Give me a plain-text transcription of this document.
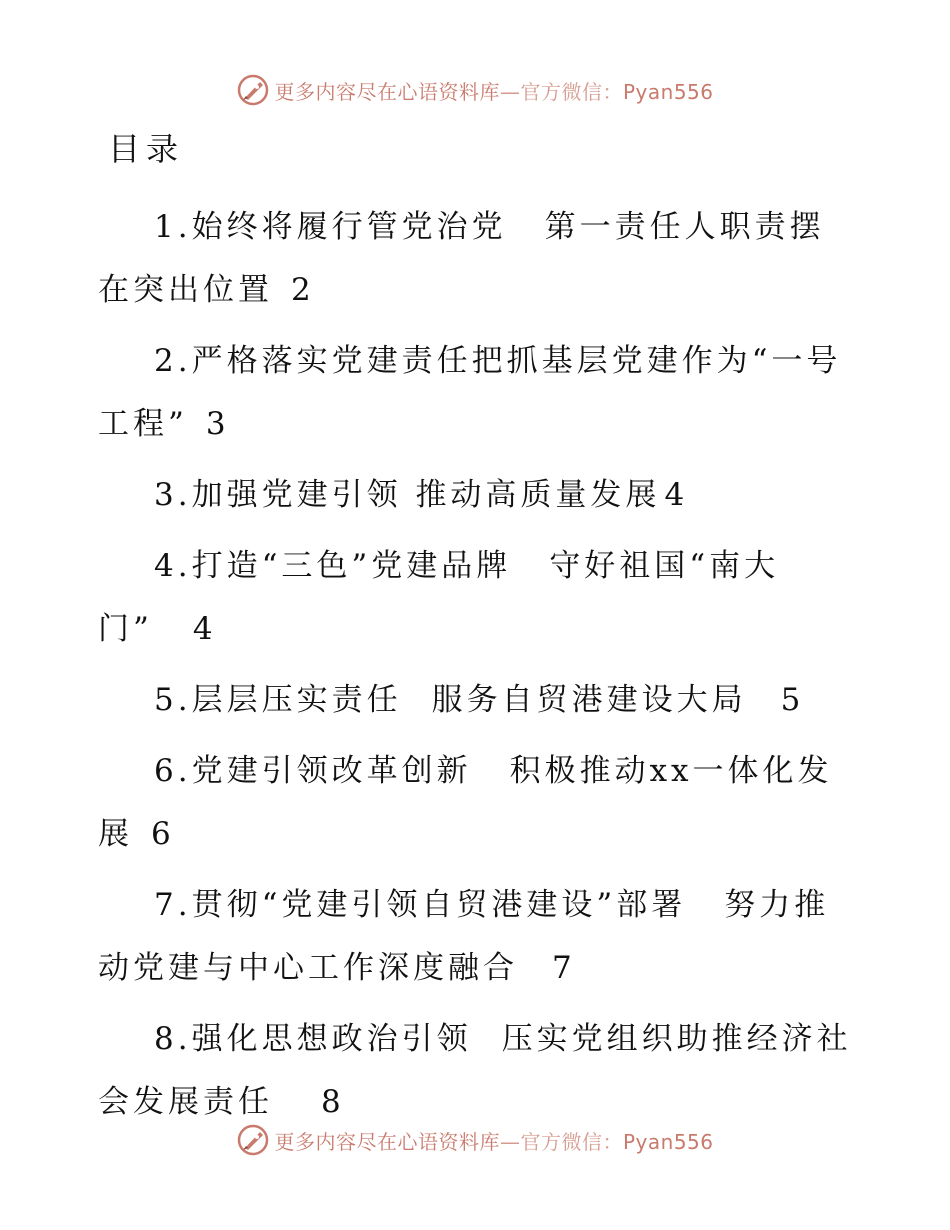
更多内容尽在心语资料库—官方微信：Pyan556
目录
1.始终将履行管党治党 第一责任人职责摆在突出位置 2
2.严格落实党建责任把抓基层党建作为“一号工程” 3
3.加强党建引领 推动高质量发展 4
4.打造“三色”党建品牌 守好祖国“南大门” 4
5.层层压实责任 服务自贸港建设大局 5
6.党建引领改革创新 积极推动xx一体化发展 6
7.贯彻“党建引领自贸港建设”部署 努力推动党建与中心工作深度融合 7
8.强化思想政治引领 压实党组织助推经济社会发展责任 8
更多内容尽在心语资料库—官方微信：Pyan556
